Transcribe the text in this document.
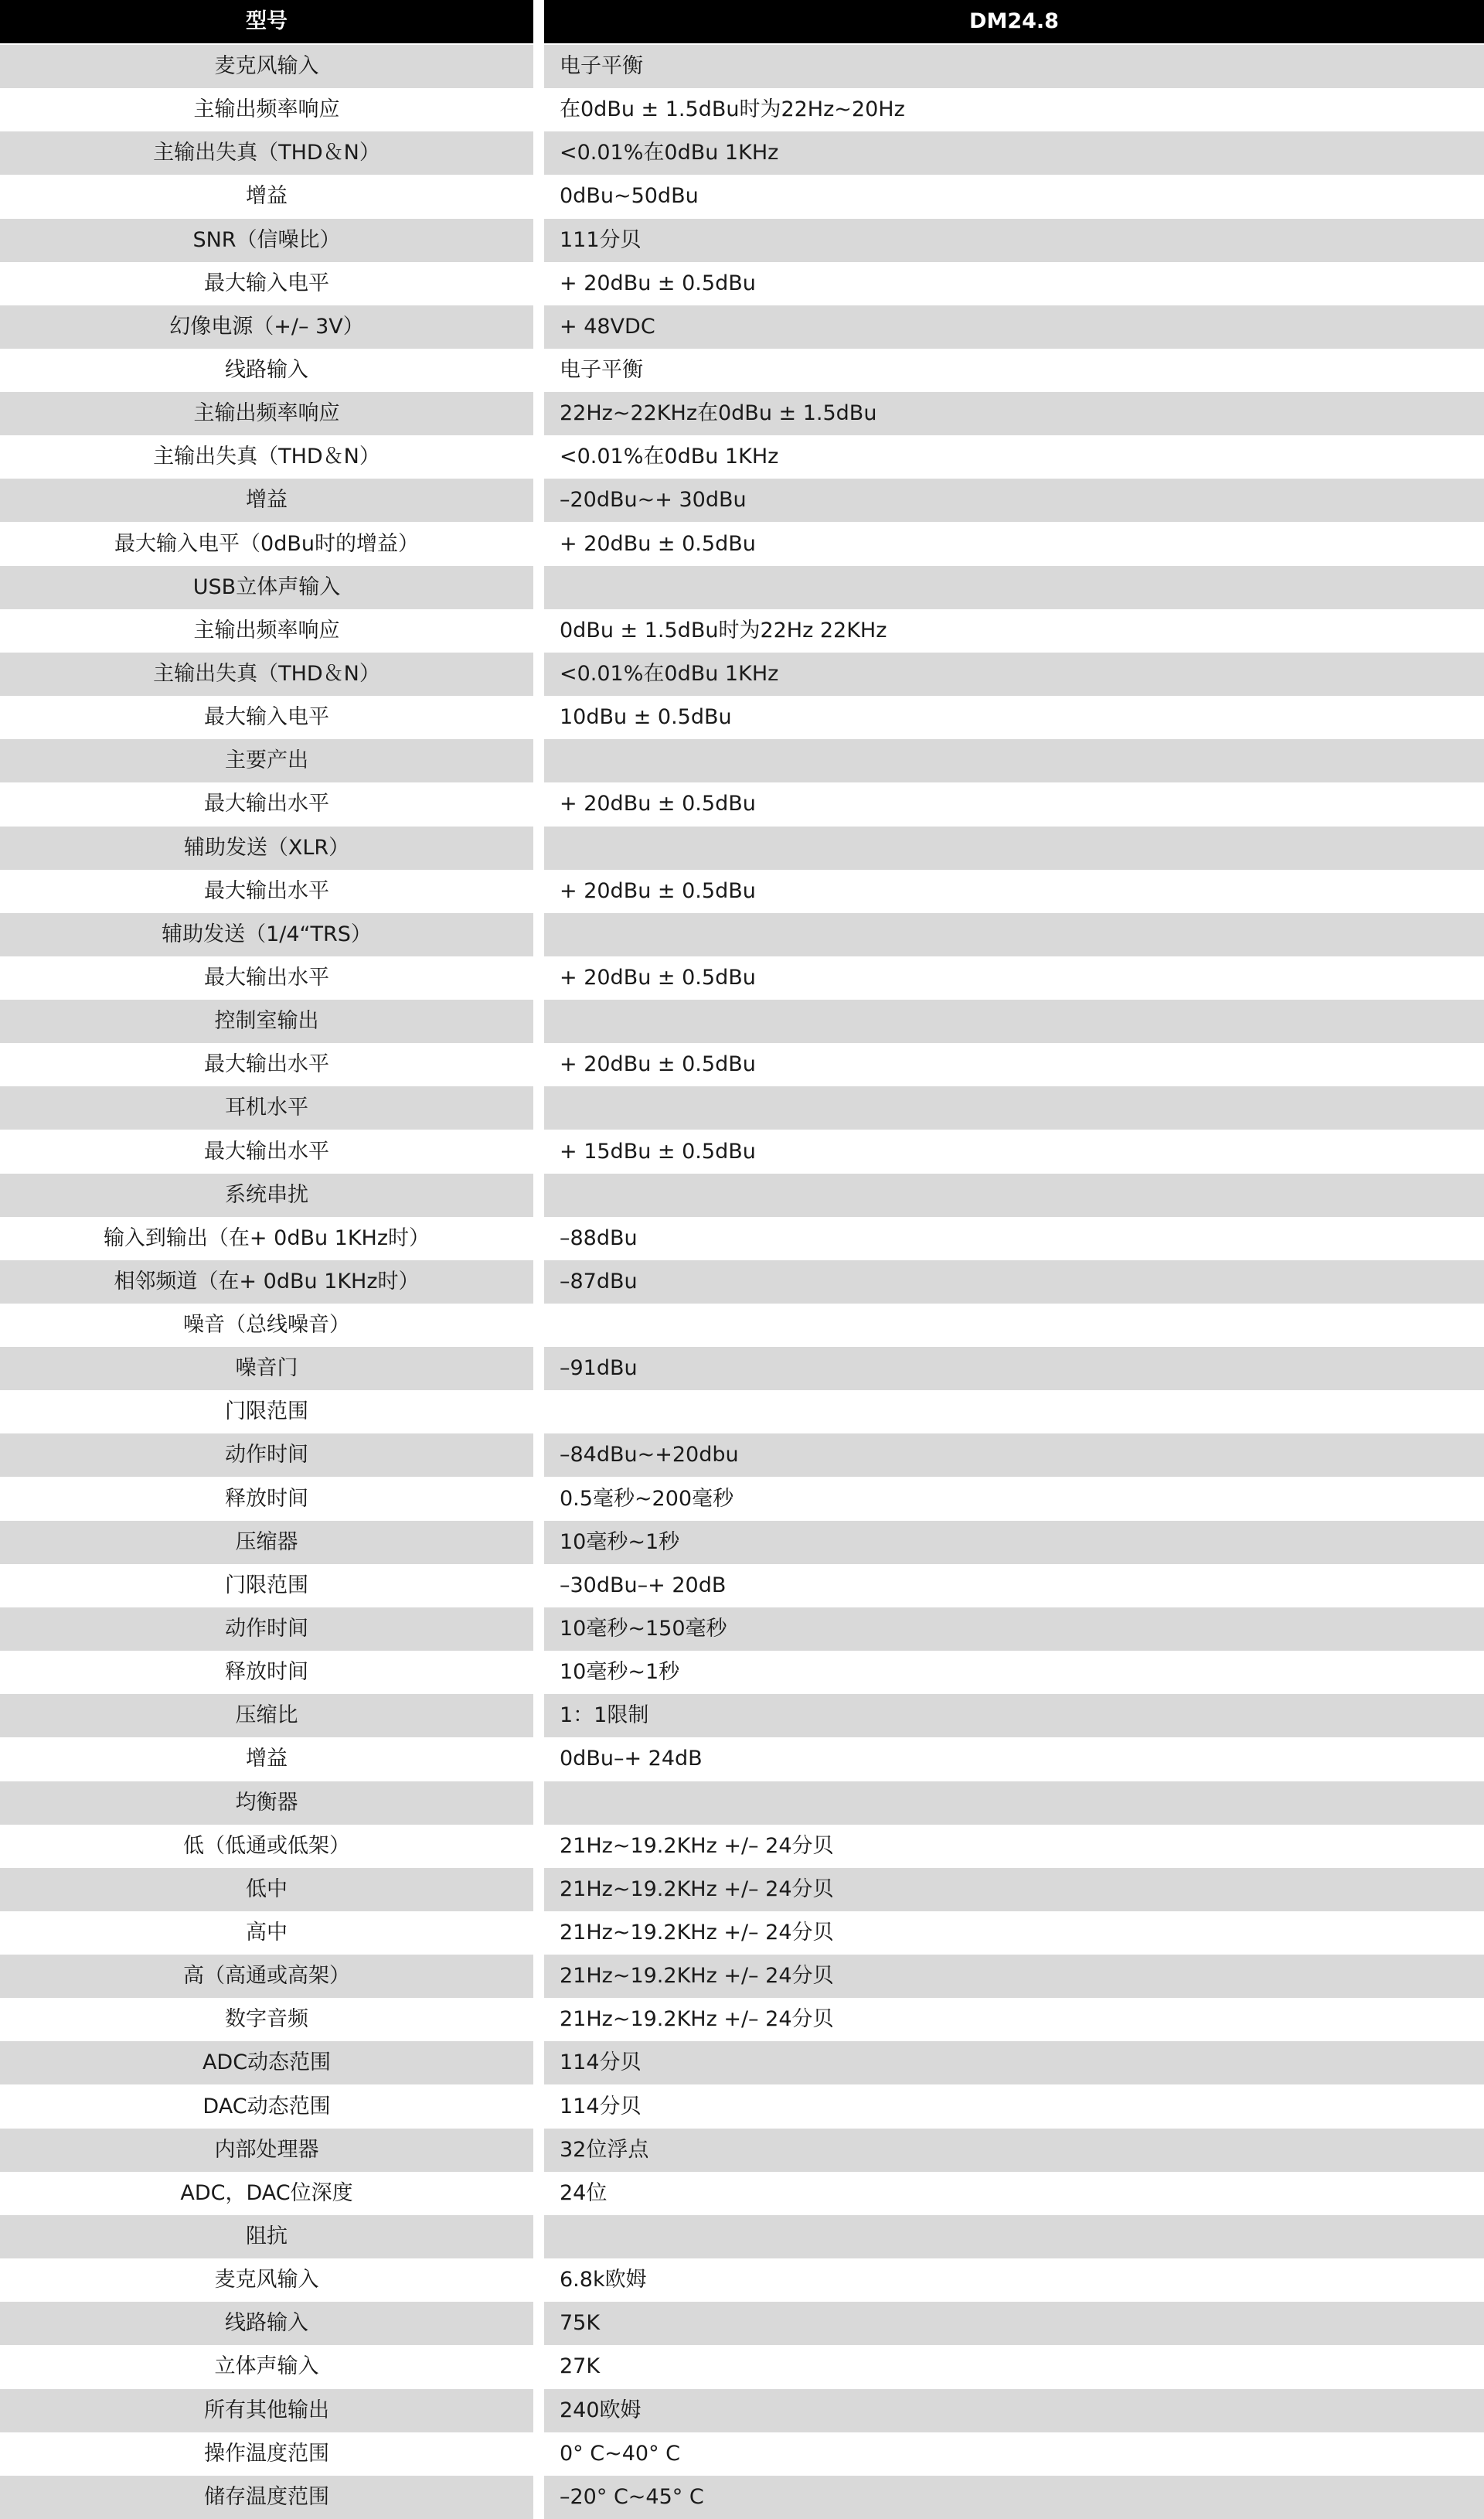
型号	DM24.8
麦克风输入	电子平衡
主输出频率响应	在0dBu ± 1.5dBu时为22Hz~20Hz
主输出失真（THD＆N）	<0.01%在0dBu 1KHz
增益	0dBu~50dBu
SNR（信噪比）	111分贝
最大输入电平	+ 20dBu ± 0.5dBu
幻像电源（+/– 3V）	+ 48VDC
线路输入	电子平衡
主输出频率响应	22Hz~22KHz在0dBu ± 1.5dBu
主输出失真（THD＆N）	<0.01%在0dBu 1KHz
增益	–20dBu~+ 30dBu
最大输入电平（0dBu时的增益）	+ 20dBu ± 0.5dBu
USB立体声输入
主输出频率响应	0dBu ± 1.5dBu时为22Hz 22KHz
主输出失真（THD＆N）	<0.01%在0dBu 1KHz
最大输入电平	10dBu ± 0.5dBu
主要产出
最大输出水平	+ 20dBu ± 0.5dBu
辅助发送（XLR）
最大输出水平	+ 20dBu ± 0.5dBu
辅助发送（1/4“TRS）
最大输出水平	+ 20dBu ± 0.5dBu
控制室输出
最大输出水平	+ 20dBu ± 0.5dBu
耳机水平
最大输出水平	+ 15dBu ± 0.5dBu
系统串扰
输入到输出（在+ 0dBu 1KHz时）	–88dBu
相邻频道（在+ 0dBu 1KHz时）	–87dBu
噪音（总线噪音）
噪音门	–91dBu
门限范围
动作时间	–84dBu~+20dbu
释放时间	0.5毫秒~200毫秒
压缩器	10毫秒~1秒
门限范围	–30dBu–+ 20dB
动作时间	10毫秒~150毫秒
释放时间	10毫秒~1秒
压缩比	1：1限制
增益	0dBu–+ 24dB
均衡器
低（低通或低架）	21Hz~19.2KHz +/– 24分贝
低中	21Hz~19.2KHz +/– 24分贝
高中	21Hz~19.2KHz +/– 24分贝
高（高通或高架）	21Hz~19.2KHz +/– 24分贝
数字音频	21Hz~19.2KHz +/– 24分贝
ADC动态范围	114分贝
DAC动态范围	114分贝
内部处理器	32位浮点
ADC，DAC位深度	24位
阻抗
麦克风输入	6.8k欧姆
线路输入	75K
立体声输入	27K
所有其他输出	240欧姆
操作温度范围	0° C~40° C
储存温度范围	–20° C~45° C
